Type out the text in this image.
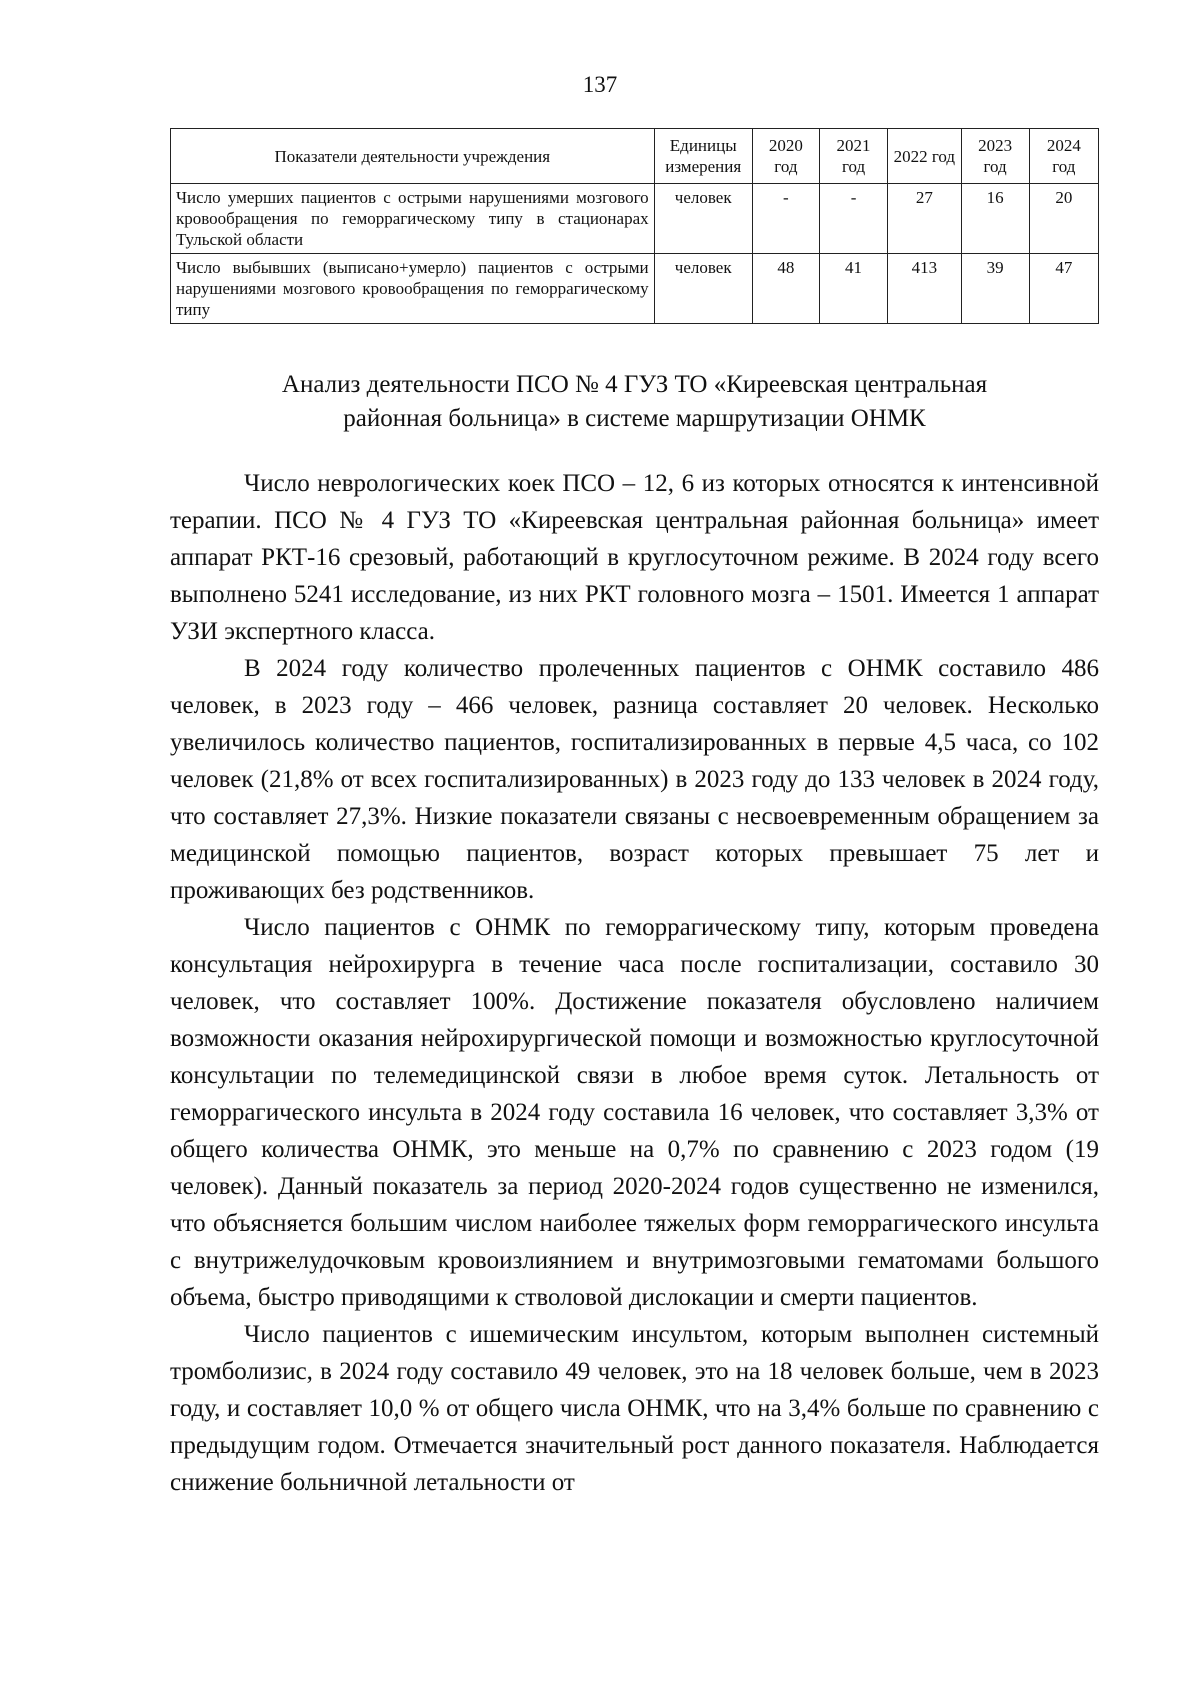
137
Показатели деятельности учреждения	Единицы измерения	2020 год	2021 год	2022 год	2023 год	2024 год
Число умерших пациентов с острыми нарушениями мозгового кровообращения по геморрагическому типу в стационарах Тульской области	человек	-	-	27	16	20
Число выбывших (выписано+умерло) пациентов с острыми нарушениями мозгового кровообращения по геморрагическому типу	человек	48	41	413	39	47
Анализ деятельности ПСО № 4 ГУЗ ТО «Киреевская центральная
районная больница» в системе маршрутизации ОНМК

Число неврологических коек ПСО – 12, 6 из которых относятся к интенсивной терапии. ПСО № 4 ГУЗ ТО «Киреевская центральная районная больница» имеет аппарат РКТ-16 срезовый, работающий в круглосуточном режиме. В 2024 году всего выполнено 5241 исследование, из них РКТ головного мозга – 1501. Имеется 1 аппарат УЗИ экспертного класса.

В 2024 году количество пролеченных пациентов с ОНМК составило 486 человек, в 2023 году – 466 человек, разница составляет 20 человек. Несколько увеличилось количество пациентов, госпитализированных в первые 4,5 часа, со 102 человек (21,8% от всех госпитализированных) в 2023 году до 133 человек в 2024 году, что составляет 27,3%. Низкие показатели связаны с несвоевременным обращением за медицинской помощью пациентов, возраст которых превышает 75 лет и проживающих без родственников.

Число пациентов с ОНМК по геморрагическому типу, которым проведена консультация нейрохирурга в течение часа после госпитализации, составило 30 человек, что составляет 100%. Достижение показателя обусловлено наличием возможности оказания нейрохирургической помощи и возможностью круглосуточной консультации по телемедицинской связи в любое время суток. Летальность от геморрагического инсульта в 2024 году составила 16 человек, что составляет 3,3% от общего количества ОНМК, это меньше на 0,7% по сравнению с 2023 годом (19 человек). Данный показатель за период 2020-2024 годов существенно не изменился, что объясняется большим числом наиболее тяжелых форм геморрагического инсульта с внутрижелудочковым кровоизлиянием и внутримозговыми гематомами большого объема, быстро приводящими к стволовой дислокации и смерти пациентов.

Число пациентов с ишемическим инсультом, которым выполнен системный тромболизис, в 2024 году составило 49 человек, это на 18 человек больше, чем в 2023 году, и составляет 10,0 % от общего числа ОНМК, что на 3,4% больше по сравнению с предыдущим годом. Отмечается значительный рост данного показателя. Наблюдается снижение больничной летальности от
